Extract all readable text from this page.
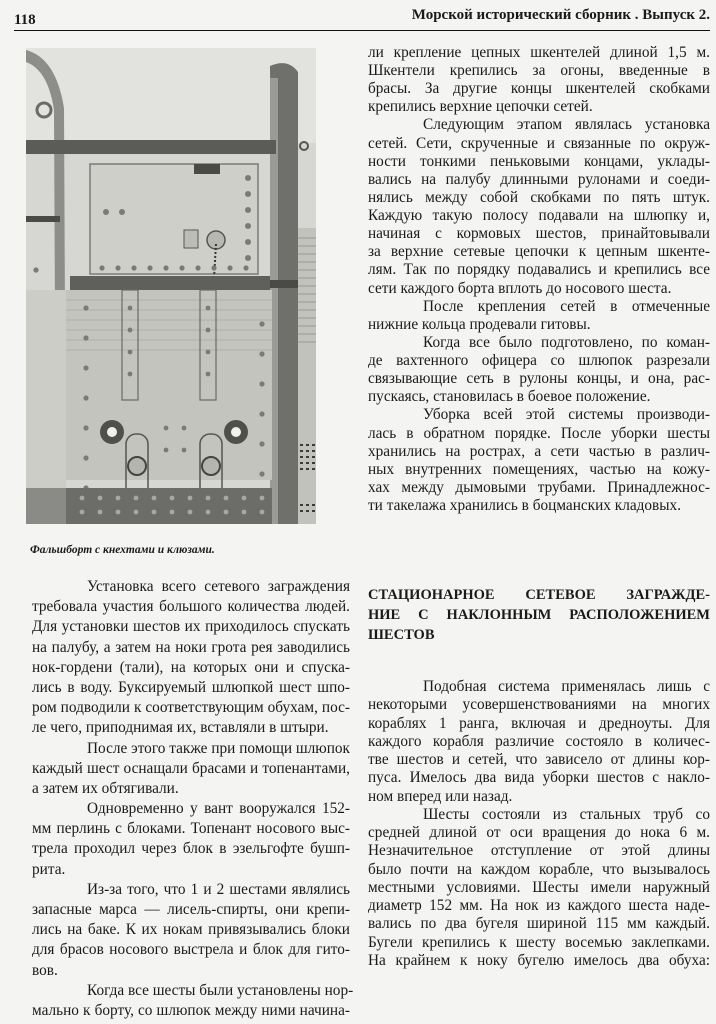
118	Морской исторический сборник . Выпуск 2.
Фальшборт с кнехтами и клюзами.
ли крепление цепных шкентелей длиной 1,5 м.
Шкентели крепились за огоны, введенные в
брасы. За другие концы шкентелей скобками
крепились верхние цепочки сетей.
Следующим этапом являлась установка
сетей. Сети, скрученные и связанные по окруж-
ности тонкими пеньковыми концами, уклады-
вались на палубу длинными рулонами и соеди-
нялись между собой скобками по пять штук.
Каждую такую полосу подавали на шлюпку и,
начиная с кормовых шестов, принайтовывали
за верхние сетевые цепочки к цепным шкенте-
лям. Так по порядку подавались и крепились все
сети каждого борта вплоть до носового шеста.
После крепления сетей в отмеченные
нижние кольца продевали гитовы.
Когда все было подготовлено, по коман-
де вахтенного офицера со шлюпок разрезали
связывающие сеть в рулоны концы, и она, рас-
пускаясь, становилась в боевое положение.
Уборка всей этой системы производи-
лась в обратном порядке. После уборки шесты
хранились на рострах, а сети частью в различ-
ных внутренних помещениях, частью на кожу-
хах между дымовыми трубами. Принадлежнос-
ти такелажа хранились в боцманских кладовых.
Установка всего сетевого заграждения
требовала участия большого количества людей.
Для установки шестов их приходилось спускать
на палубу, а затем на ноки грота рея заводились
нок-гордени (тали), на которых они и спуска-
лись в воду. Буксируемый шлюпкой шест шпо-
ром подводили к соответствующим обухам, пос-
ле чего, приподнимая их, вставляли в штыри.
После этого также при помощи шлюпок
каждый шест оснащали брасами и топенантами,
а затем их обтягивали.
Одновременно у вант вооружался 152-
мм перлинь с блоками. Топенант носового выс-
трела проходил через блок в эзельгофте бушп-
рита.
Из-за того, что 1 и 2 шестами являлись
запасные марса — лисель-спирты, они крепи-
лись на баке. К их нокам привязывались блоки
для брасов носового выстрела и блок для гито-
вов.
Когда все шесты были установлены нор-
мально к борту, со шлюпок между ними начина-
СТАЦИОНАРНОЕ СЕТЕВОЕ ЗАГРАЖДЕ-
НИЕ С НАКЛОННЫМ РАСПОЛОЖЕНИЕМ
ШЕСТОВ
Подобная система применялась лишь с
некоторыми усовершенствованиями на многих
кораблях 1 ранга, включая и дредноуты. Для
каждого корабля различие состояло в количес-
тве шестов и сетей, что зависело от длины кор-
пуса. Имелось два вида уборки шестов с накло-
ном вперед или назад.
Шесты состояли из стальных труб со
средней длиной от оси вращения до нока 6 м.
Незначительное отступление от этой длины
было почти на каждом корабле, что вызывалось
местными условиями. Шесты имели наружный
диаметр 152 мм. На нок из каждого шеста наде-
вались по два бугеля шириной 115 мм каждый.
Бугели крепились к шесту восемью заклепками.
На крайнем к ноку бугелю имелось два обуха:
